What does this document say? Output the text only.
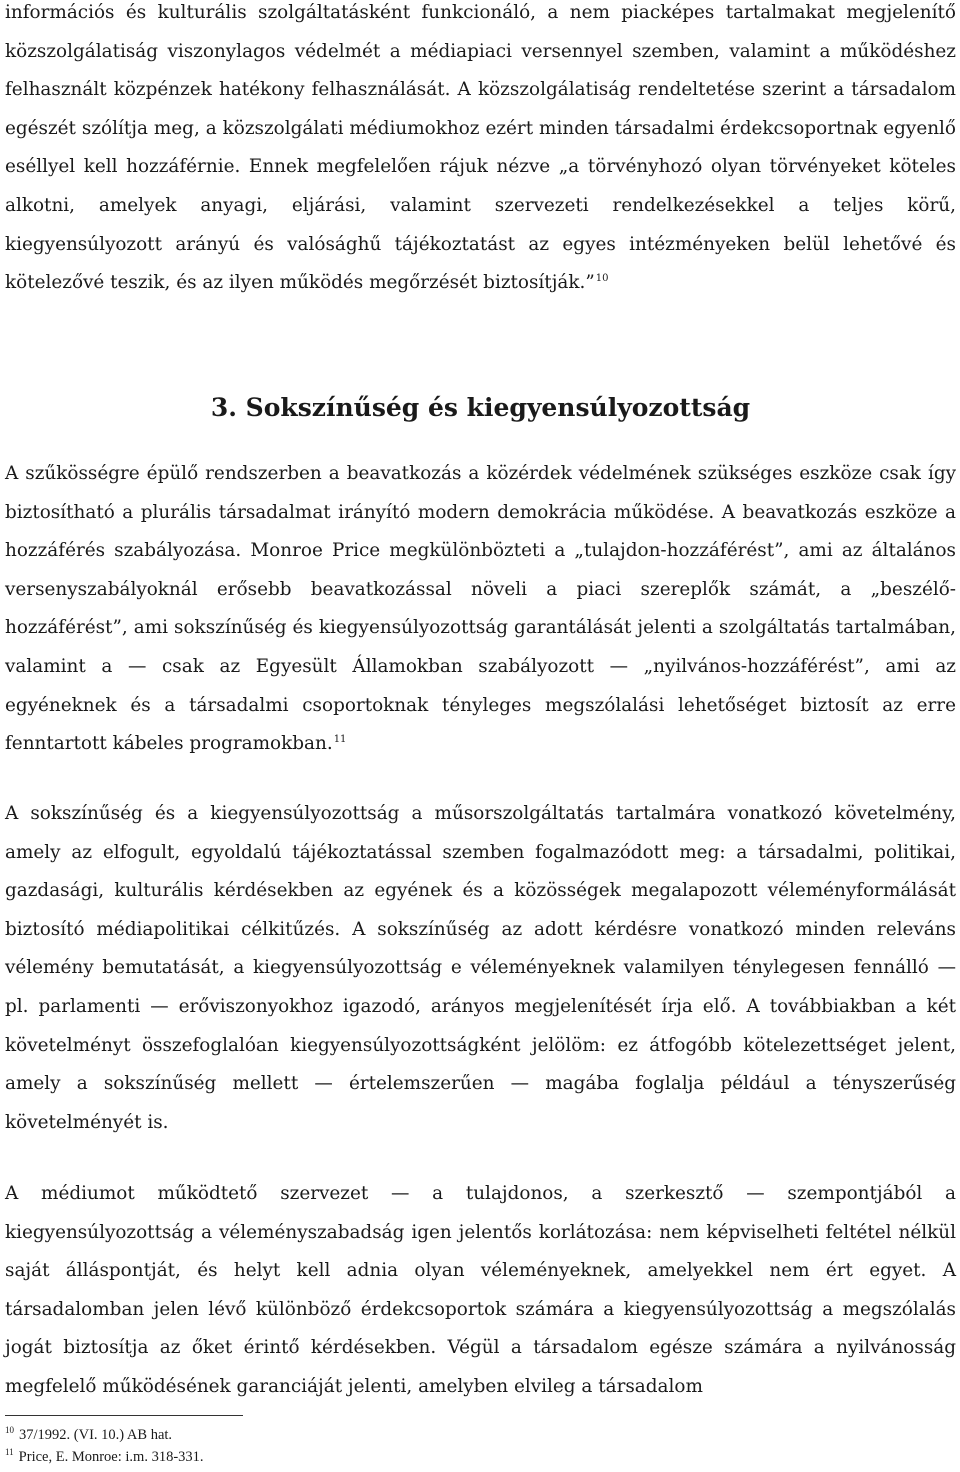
információs és kulturális szolgáltatásként funkcionáló, a nem piacképes tartalmakat megjelenítő közszolgálatiság viszonylagos védelmét a médiapiaci versennyel szemben, valamint a működéshez felhasznált közpénzek hatékony felhasználását. A közszolgálatiság rendeltetése szerint a társadalom egészét szólítja meg, a közszolgálati médiumokhoz ezért minden társadalmi érdekcsoportnak egyenlő eséllyel kell hozzáférnie. Ennek megfelelően rájuk nézve „a törvényhozó olyan törvényeket köteles alkotni, amelyek anyagi, eljárási, valamint szervezeti rendelkezésekkel a teljes körű, kiegyensúlyozott arányú és valósághű tájékoztatást az egyes intézményeken belül lehetővé és kötelezővé teszik, és az ilyen működés megőrzését biztosítják.”$^{10}$

3. Sokszínűség és kiegyensúlyozottság

A szűkösségre épülő rendszerben a beavatkozás a közérdek védelmének szükséges eszköze csak így biztosítható a plurális társadalmat irányító modern demokrácia működése. A beavatkozás eszköze a hozzáférés szabályozása. Monroe Price megkülönbözteti a „tulajdon-hozzáférést”, ami az általános versenyszabályoknál erősebb beavatkozással növeli a piaci szereplők számát, a „beszélő-hozzáférést”, ami sokszínűség és kiegyensúlyozottság garantálását jelenti a szolgáltatás tartalmában, valamint a — csak az Egyesült Államokban szabályozott — „nyilvános-hozzáférést”, ami az egyéneknek és a társadalmi csoportoknak tényleges megszólalási lehetőséget biztosít az erre fenntartott kábeles programokban.$^{11}$

A sokszínűség és a kiegyensúlyozottság a műsorszolgáltatás tartalmára vonatkozó követelmény, amely az elfogult, egyoldalú tájékoztatással szemben fogalmazódott meg: a társadalmi, politikai, gazdasági, kulturális kérdésekben az egyének és a közösségek megalapozott véleményformálását biztosító médiapolitikai célkitűzés. A sokszínűség az adott kérdésre vonatkozó minden releváns vélemény bemutatását, a kiegyensúlyozottság e véleményeknek valamilyen ténylegesen fennálló — pl. parlamenti — erőviszonyokhoz igazodó, arányos megjelenítését írja elő. A továbbiakban a két követelményt összefoglalóan kiegyensúlyozottságként jelölöm: ez átfogóbb kötelezettséget jelent, amely a sokszínűség mellett — értelemszerűen — magába foglalja például a tényszerűség követelményét is.

A médiumot működtető szervezet — a tulajdonos, a szerkesztő — szempontjából a kiegyensúlyozottság a véleményszabadság igen jelentős korlátozása: nem képviselheti feltétel nélkül saját álláspontját, és helyt kell adnia olyan véleményeknek, amelyekkel nem ért egyet. A társadalomban jelen lévő különböző érdekcsoportok számára a kiegyensúlyozottság a megszólalás jogát biztosítja az őket érintő kérdésekben. Végül a társadalom egésze számára a nyilvánosság megfelelő működésének garanciáját jelenti, amelyben elvileg a társadalom

$^{10}$ 37/1992. (VI. 10.) AB hat.
$^{11}$ Price, E. Monroe: i.m. 318-331.
